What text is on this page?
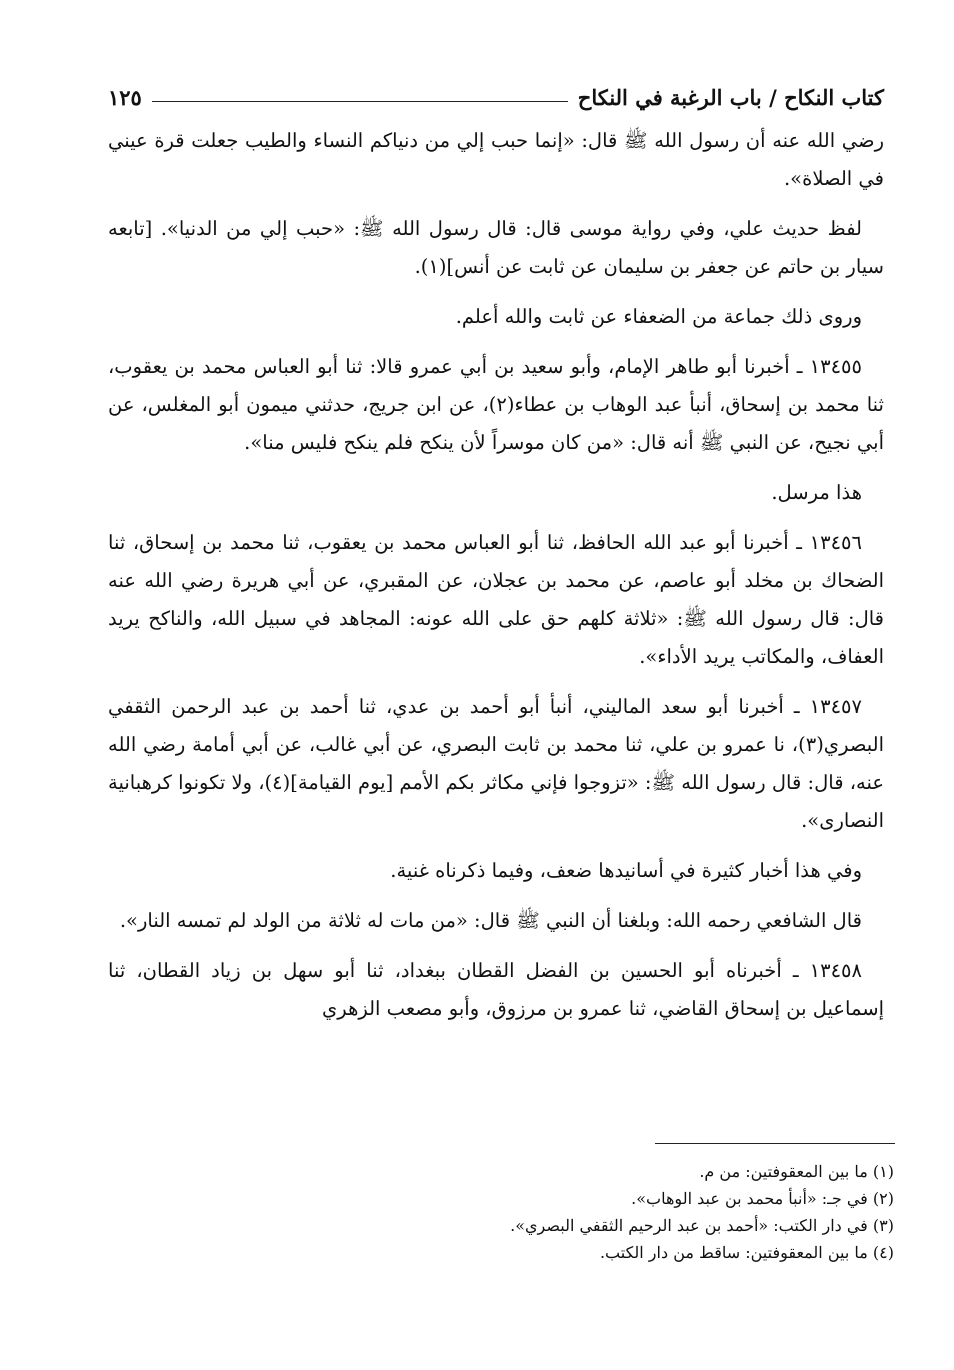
كتاب النكاح / باب الرغبة في النكاح
١٢٥

رضي الله عنه أن رسول الله ﷺ قال: «إنما حبب إلي من دنياكم النساء والطيب جعلت قرة عيني في الصلاة».

لفظ حديث علي، وفي رواية موسى قال: قال رسول الله ﷺ: «حبب إلي من الدنيا». [تابعه سيار بن حاتم عن جعفر بن سليمان عن ثابت عن أنس](١).

وروى ذلك جماعة من الضعفاء عن ثابت والله أعلم.

١٣٤٥٥ ـ أخبرنا أبو طاهر الإمام، وأبو سعيد بن أبي عمرو قالا: ثنا أبو العباس محمد بن يعقوب، ثنا محمد بن إسحاق، أنبأ عبد الوهاب بن عطاء(٢)، عن ابن جريج، حدثني ميمون أبو المغلس، عن أبي نجيح، عن النبي ﷺ أنه قال: «من كان موسراً لأن ينكح فلم ينكح فليس منا».

هذا مرسل.

١٣٤٥٦ ـ أخبرنا أبو عبد الله الحافظ، ثنا أبو العباس محمد بن يعقوب، ثنا محمد بن إسحاق، ثنا الضحاك بن مخلد أبو عاصم، عن محمد بن عجلان، عن المقبري، عن أبي هريرة رضي الله عنه قال: قال رسول الله ﷺ: «ثلاثة كلهم حق على الله عونه: المجاهد في سبيل الله، والناكح يريد العفاف، والمكاتب يريد الأداء».

١٣٤٥٧ ـ أخبرنا أبو سعد الماليني، أنبأ أبو أحمد بن عدي، ثنا أحمد بن عبد الرحمن الثقفي البصري(٣)، نا عمرو بن علي، ثنا محمد بن ثابت البصري، عن أبي غالب، عن أبي أمامة رضي الله عنه، قال: قال رسول الله ﷺ: «تزوجوا فإني مكاثر بكم الأمم [يوم القيامة](٤)، ولا تكونوا كرهبانية النصارى».

وفي هذا أخبار كثيرة في أسانيدها ضعف، وفيما ذكرناه غنية.

قال الشافعي رحمه الله: وبلغنا أن النبي ﷺ قال: «من مات له ثلاثة من الولد لم تمسه النار».

١٣٤٥٨ ـ أخبرناه أبو الحسين بن الفضل القطان ببغداد، ثنا أبو سهل بن زياد القطان، ثنا إسماعيل بن إسحاق القاضي، ثنا عمرو بن مرزوق، وأبو مصعب الزهري

(١) ما بين المعقوفتين: من م.
(٢) في جـ: «أنبأ محمد بن عبد الوهاب».
(٣) في دار الكتب: «أحمد بن عبد الرحيم الثقفي البصري».
(٤) ما بين المعقوفتين: ساقط من دار الكتب.
